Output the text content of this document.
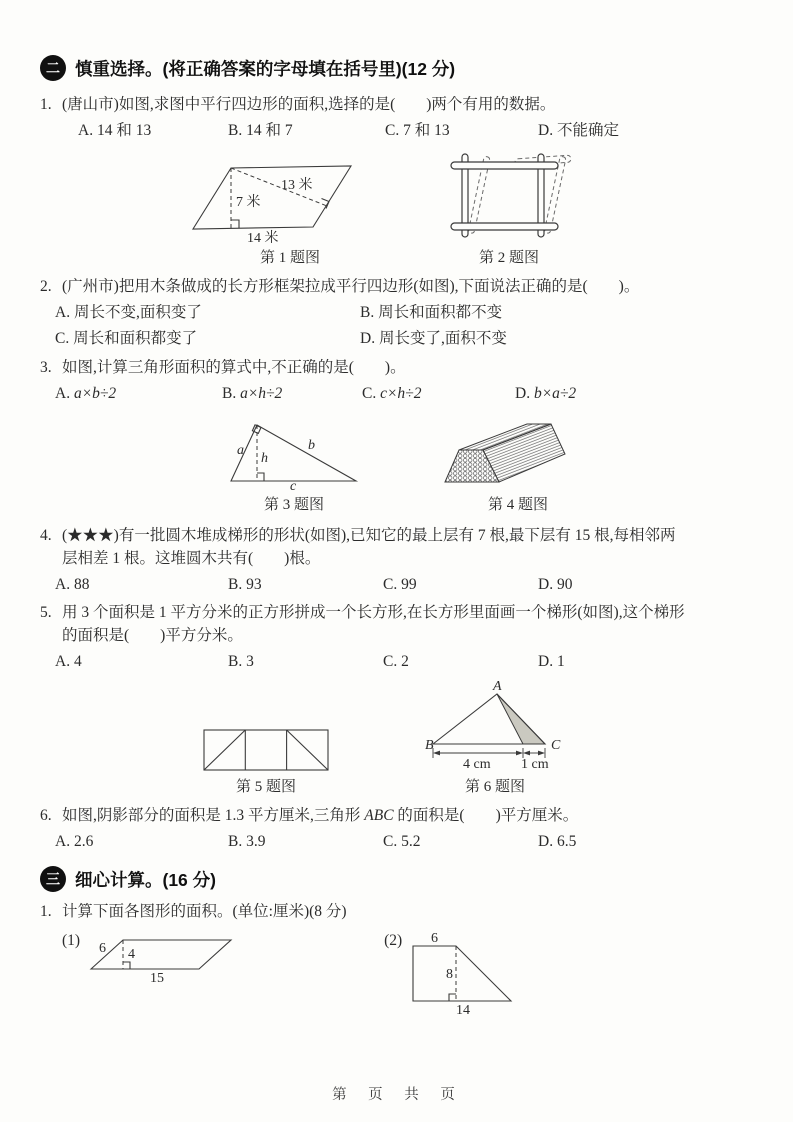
二 慎重选择。(将正确答案的字母填在括号里)(12 分)
1. (唐山市)如图,求图中平行四边形的面积,选择的是(　　)两个有用的数据。
A. 14 和 13	B. 14 和 7	C. 7 和 13	D. 不能确定
13 米
7 米
14 米
第 1 题图	第 2 题图
2. (广州市)把用木条做成的长方形框架拉成平行四边形(如图),下面说法正确的是(　　)。
A. 周长不变,面积变了	B. 周长和面积都不变
C. 周长和面积都变了	D. 周长变了,面积不变
3. 如图,计算三角形面积的算式中,不正确的是(　　)。
A. a×b÷2	B. a×h÷2	C. c×h÷2	D. b×a÷2
a
h
b
c
第 3 题图	第 4 题图
4. (★★★)有一批圆木堆成梯形的形状(如图),已知它的最上层有 7 根,最下层有 15 根,每相邻两
层相差 1 根。这堆圆木共有(　　)根。
A. 88	B. 93	C. 99	D. 90
5. 用 3 个面积是 1 平方分米的正方形拼成一个长方形,在长方形里面画一个梯形(如图),这个梯形
的面积是(　　)平方分米。
A. 4	B. 3	C. 2	D. 1
第 5 题图
A
B	C
4 cm 1 cm
第 6 题图
6. 如图,阴影部分的面积是 1.3 平方厘米,三角形 ABC 的面积是(　　)平方厘米。
A. 2.6	B. 3.9	C. 5.2	D. 6.5
三 细心计算。(16 分)
1. 计算下面各图形的面积。(单位:厘米)(8 分)
(1) 6 4
15
(2) 6
8
14
第 页 共 页
